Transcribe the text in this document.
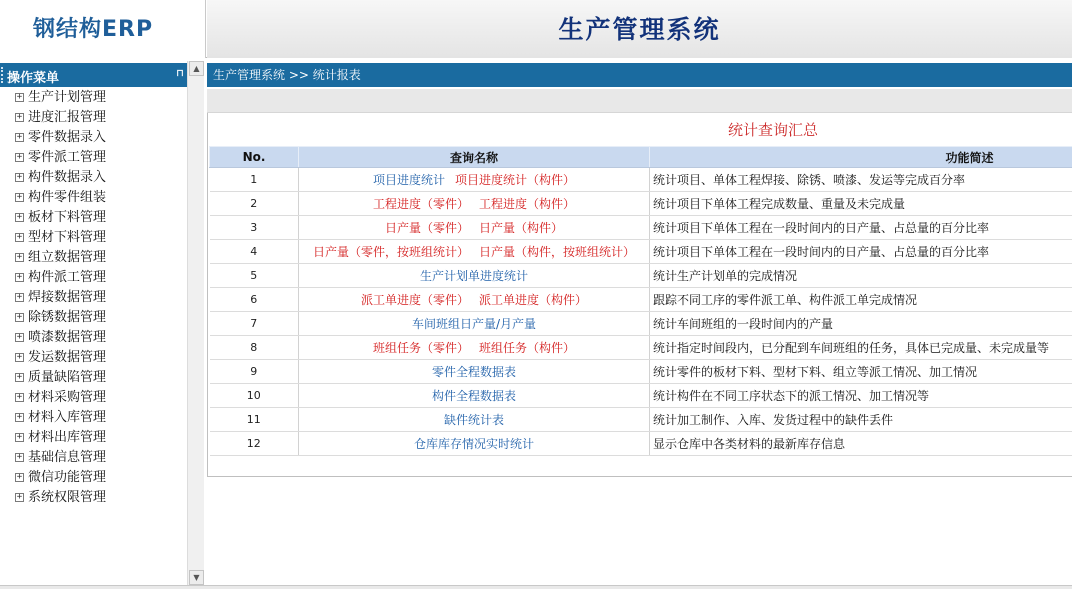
钢结构ERP	生产管理系统
操作菜单	⊓
+ 生产计划管理
+ 进度汇报管理
+ 零件数据录入
+ 零件派工管理
+ 构件数据录入
+ 构件零件组装
+ 板材下料管理
+ 型材下料管理
+ 组立数据管理
+ 构件派工管理
+ 焊接数据管理
+ 除锈数据管理
+ 喷漆数据管理
+ 发运数据管理
+ 质量缺陷管理
+ 材料采购管理
+ 材料入库管理
+ 材料出库管理
+ 基础信息管理
+ 微信功能管理
+ 系统权限管理
▲
▼
生产管理系统 >> 统计报表
统计查询汇总
No.	查询名称	功能简述
1	项目进度统计 项目进度统计（构件）	统计项目、单体工程焊接、除锈、喷漆、发运等完成百分率
2	工程进度（零件） 工程进度（构件）	统计项目下单体工程完成数量、重量及未完成量
3	日产量（零件） 日产量（构件）	统计项目下单体工程在一段时间内的日产量、占总量的百分比率
4	日产量（零件，按班组统计） 日产量（构件，按班组统计）	统计项目下单体工程在一段时间内的日产量、占总量的百分比率
5	生产计划单进度统计	统计生产计划单的完成情况
6	派工单进度（零件） 派工单进度（构件）	跟踪不同工序的零件派工单、构件派工单完成情况
7	车间班组日产量/月产量	统计车间班组的一段时间内的产量
8	班组任务（零件） 班组任务（构件）	统计指定时间段内，已分配到车间班组的任务，具体已完成量、未完成量等
9	零件全程数据表	统计零件的板材下料、型材下料、组立等派工情况、加工情况
10	构件全程数据表	统计构件在不同工序状态下的派工情况、加工情况等
11	缺件统计表	统计加工制作、入库、发货过程中的缺件丢件
12	仓库库存情况实时统计	显示仓库中各类材料的最新库存信息
